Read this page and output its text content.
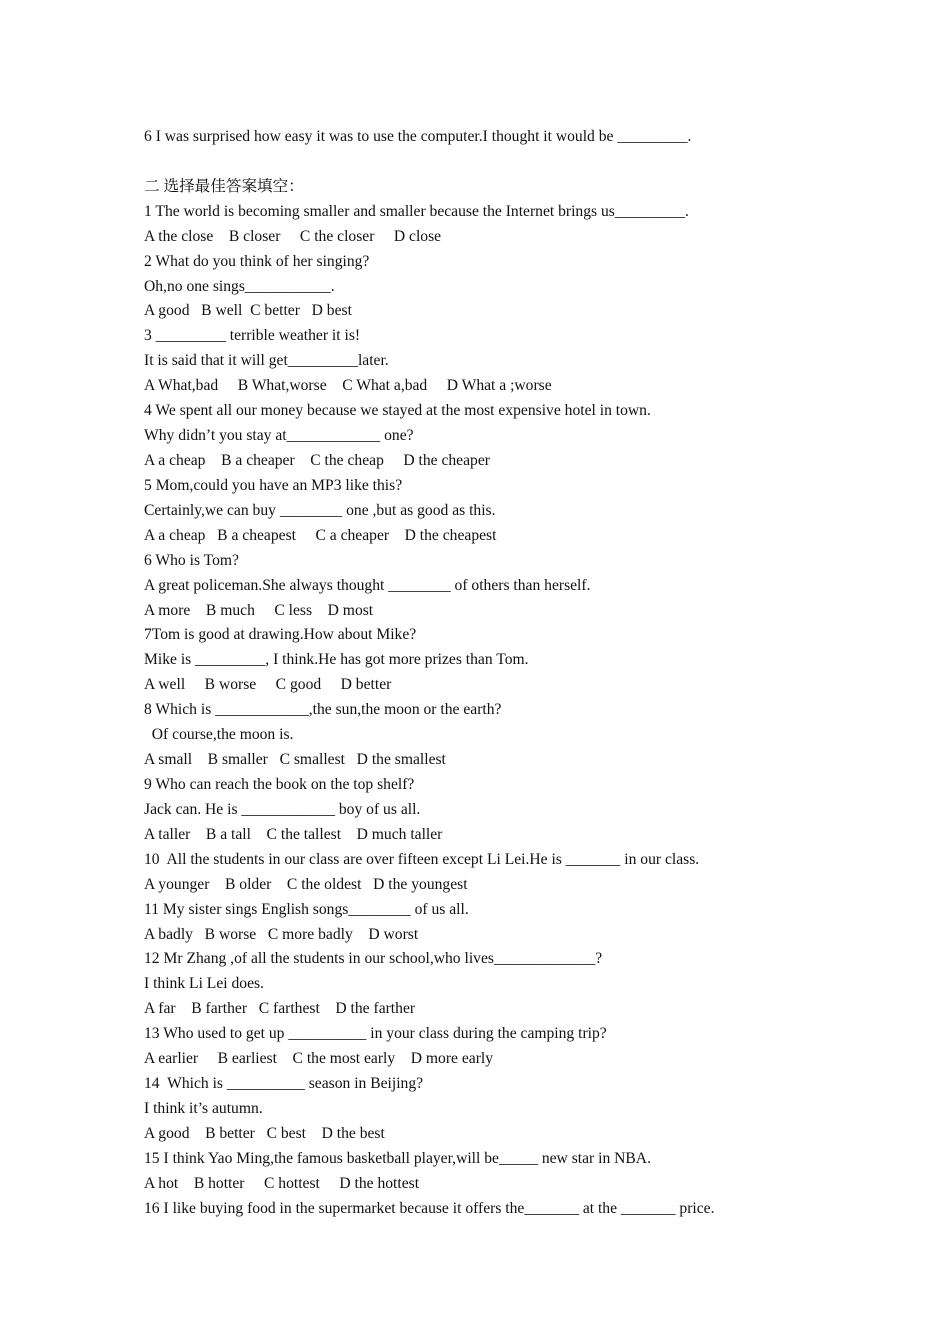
6 I was surprised how easy it was to use the computer.I thought it would be _________.
二 选择最佳答案填空：
1 The world is becoming smaller and smaller because the Internet brings us_________.
A the close    B closer     C the closer     D close
2 What do you think of her singing?
Oh,no one sings___________.
A good   B well  C better   D best
3 _________ terrible weather it is!
It is said that it will get_________later.
A What,bad     B What,worse    C What a,bad     D What a ;worse
4 We spent all our money because we stayed at the most expensive hotel in town.
Why didn’t you stay at____________ one?
A a cheap    B a cheaper    C the cheap     D the cheaper
5 Mom,could you have an MP3 like this?
Certainly,we can buy ________ one ,but as good as this.
A a cheap   B a cheapest     C a cheaper    D the cheapest
6 Who is Tom?
A great policeman.She always thought ________ of others than herself.
A more    B much     C less    D most
7Tom is good at drawing.How about Mike?
Mike is _________, I think.He has got more prizes than Tom.
A well     B worse     C good     D better
8 Which is ____________,the sun,the moon or the earth?
Of course,the moon is.
A small    B smaller   C smallest   D the smallest
9 Who can reach the book on the top shelf?
Jack can. He is ____________ boy of us all.
A taller    B a tall    C the tallest    D much taller
10  All the students in our class are over fifteen except Li Lei.He is _______ in our class.
A younger    B older    C the oldest   D the youngest
11 My sister sings English songs________ of us all.
A badly   B worse   C more badly    D worst
12 Mr Zhang ,of all the students in our school,who lives_____________?
I think Li Lei does.
A far    B farther   C farthest    D the farther
13 Who used to get up __________ in your class during the camping trip?
A earlier     B earliest    C the most early    D more early
14  Which is __________ season in Beijing?
I think it’s autumn.
A good    B better   C best    D the best
15 I think Yao Ming,the famous basketball player,will be_____ new star in NBA.
A hot    B hotter     C hottest     D the hottest
16 I like buying food in the supermarket because it offers the_______ at the _______ price.
